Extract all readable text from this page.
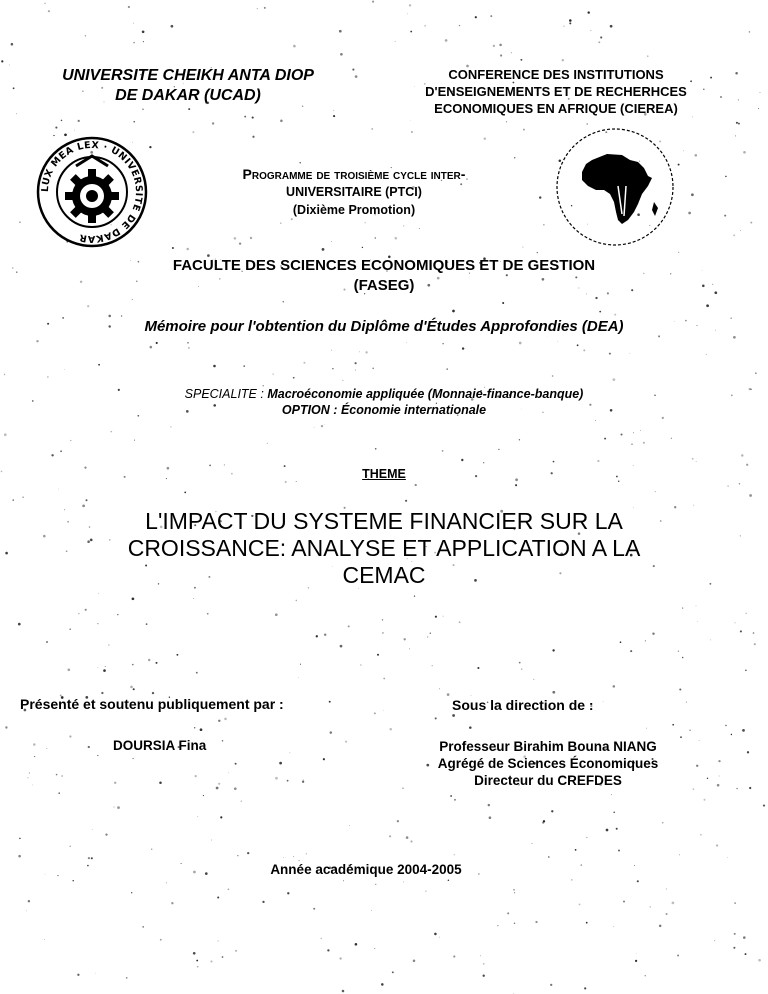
UNIVERSITE CHEIKH ANTA DIOP
DE DAKAR (UCAD)
CONFERENCE DES INSTITUTIONS
D'ENSEIGNEMENTS ET DE RECHERHCES
ECONOMIQUES EN AFRIQUE (CIEREA)
LUX MEA LEX · UNIVERSITE DE DAKAR
Programme de troisième cycle inter-
UNIVERSITAIRE (PTCI)
(Dixième Promotion)
FACULTE DES SCIENCES ECONOMIQUES ET DE GESTION
(FASEG)
Mémoire pour l'obtention du Diplôme d'Études Approfondies (DEA)
SPECIALITE : Macroéconomie appliquée (Monnaie-finance-banque)
OPTION : Économie internationale
THEME
L'IMPACT DU SYSTEME FINANCIER SUR LA
CROISSANCE: ANALYSE ET APPLICATION A LA
CEMAC
Présenté et soutenu publiquement par :
DOURSIA Fina
Sous la direction de :
Professeur Birahim Bouna NIANG
Agrégé de Sciences Économiques
Directeur du CREFDES
Année académique 2004-2005
